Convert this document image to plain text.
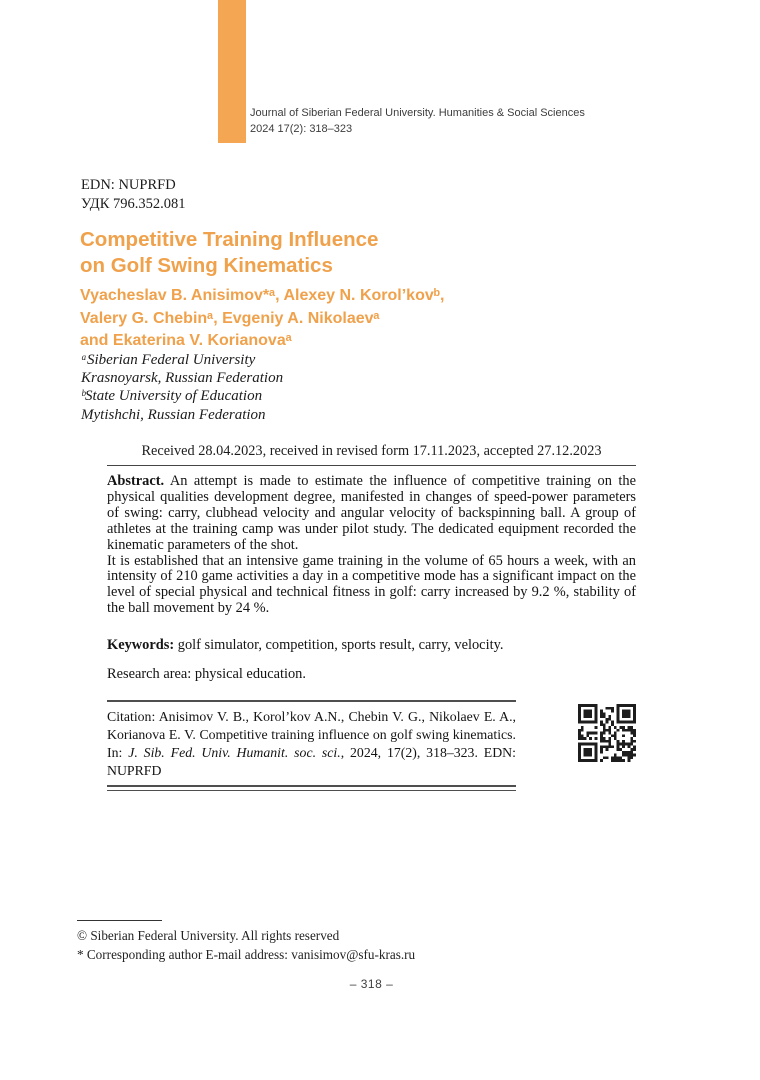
Journal of Siberian Federal University. Humanities & Social Sciences
2024 17(2): 318–323
EDN: NUPRFD
УДК 796.352.081
Competitive Training Influence
on Golf Swing Kinematics
Vyacheslav B. Anisimov*ᵃ, Alexey N. Korol’kovᵇ,
Valery G. Chebinᵃ, Evgeniy A. Nikolaevᵃ
and Ekaterina V. Korianovaᵃ
ᵃSiberian Federal University
Krasnoyarsk, Russian Federation
ᵇState University of Education
Mytishchi, Russian Federation
Received 28.04.2023, received in revised form 17.11.2023, accepted 27.12.2023

Abstract. An attempt is made to estimate the influence of competitive training on the physical qualities development degree, manifested in changes of speed-power parameters of swing: carry, clubhead velocity and angular velocity of backspinning ball. A group of athletes at the training camp was under pilot study. The dedicated equipment recorded the kinematic parameters of the shot.

It is established that an intensive game training in the volume of 65 hours a week, with an intensity of 210 game activities a day in a competitive mode has a significant impact on the level of special physical and technical fitness in golf: carry increased by 9.2 %, stability of the ball movement by 24 %.

Keywords: golf simulator, competition, sports result, carry, velocity.
Research area: physical education.
Citation: Anisimov V. B., Korol’kov A.N., Chebin V. G., Nikolaev E. A., Korianova E. V. Competitive training influence on golf swing kinematics. In: J. Sib. Fed. Univ. Humanit. soc. sci., 2024, 17(2), 318–323. EDN: NUPRFD
© Siberian Federal University. All rights reserved
* Corresponding author E-mail address: vanisimov@sfu-kras.ru
– 318 –
